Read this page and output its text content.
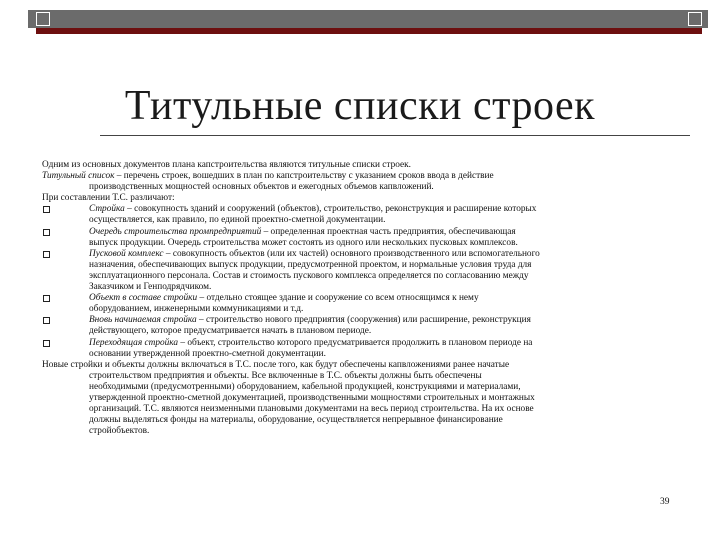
Титульные списки строек

Одним из основных документов плана капстроительства являются титульные списки строек.

Титульный список – перечень строек, вошедших в план по капстроительству с указанием сроков ввода в действие

производственных мощностей основных объектов и ежегодных объемов капвложений.

При составлении Т.С. различают:

Стройка – совокупность зданий и сооружений (объектов), строительство, реконструкция и расширение которых

осуществляется, как правило, по единой проектно-сметной документации.

Очередь строительства промпредприятий – определенная проектная часть предприятия, обеспечивающая

выпуск продукции. Очередь строительства может состоять из одного или нескольких пусковых комплексов.

Пусковой комплекс – совокупность объектов (или их частей) основного производственного или вспомогательного

назначения, обеспечивающих выпуск продукции, предусмотренной проектом, и нормальные условия труда для

эксплуатационного персонала. Состав и стоимость пускового комплекса определяется по согласованию между

Заказчиком и Генподрядчиком.

Объект в составе стройки – отдельно стоящее здание и сооружение со всем относящимся к нему

оборудованием, инженерными коммуникациями и т.д.

Вновь начинаемая стройка – строительство нового предприятия (сооружения) или расширение, реконструкция

действующего, которое предусматривается начать в плановом периоде.

Переходящая стройка – объект, строительство которого предусматривается продолжить в плановом периоде на

основании утвержденной проектно-сметной документации.

Новые стройки и объекты должны включаться в Т.С. после того, как будут обеспечены капвложениями ранее начатые

строительством предприятия и объекты. Все включенные в Т.С. объекты должны быть обеспечены

необходимыми (предусмотренными) оборудованием, кабельной продукцией, конструкциями и материалами,

утвержденной проектно-сметной документацией, производственными мощностями строительных и монтажных

организаций. Т.С. являются неизменными плановыми документами на весь период строительства. На их основе

должны выделяться фонды на материалы, оборудование, осуществляется непрерывное финансирование

стройобъектов.

39
